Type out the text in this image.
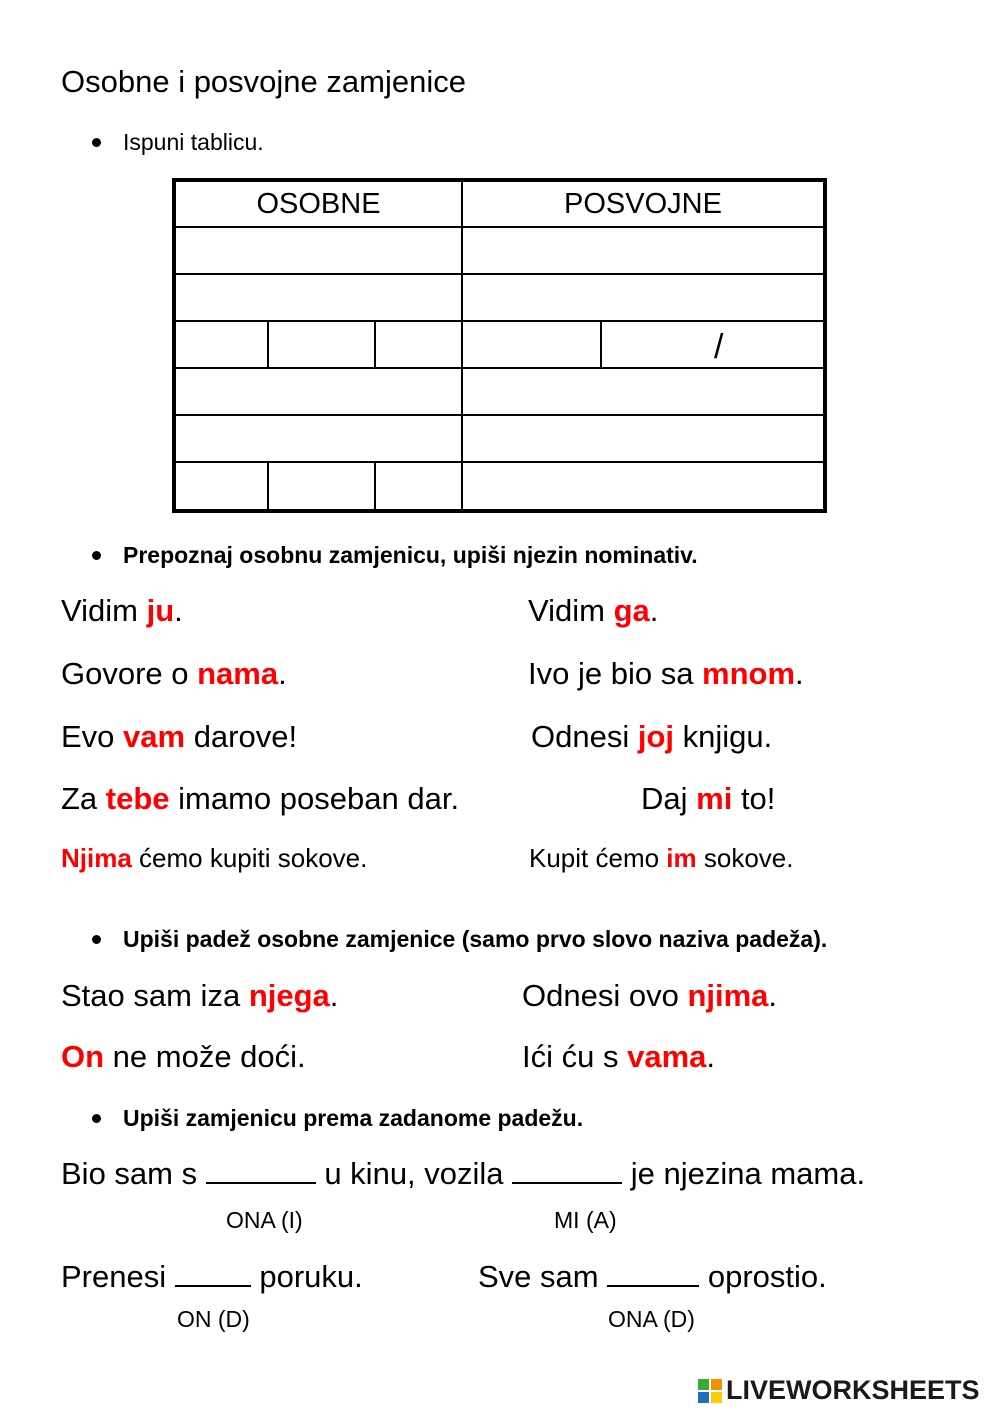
Osobne i posvojne zamjenice
Ispuni tablicu.
OSOBNE	POSVOJNE
/
Prepoznaj osobnu zamjenicu, upiši njezin nominativ.
Vidim ju.
Govore o nama.
Evo vam darove!
Za tebe imamo poseban dar.
Njima ćemo kupiti sokove.
Vidim ga.
Ivo je bio sa mnom.
Odnesi joj knjigu.
Daj mi to!
Kupit ćemo im sokove.
Upiši padež osobne zamjenice (samo prvo slovo naziva padeža).
Stao sam iza njega.
On ne može doći.
Odnesi ovo njima.
Ići ću s vama.
Upiši zamjenicu prema zadanome padežu.
Bio sam s	u kinu, vozila	je njezina mama.
ONA (I)	MI (A)
Prenesi  poruku.	Sve sam	oprostio.
ON (D)	ONA (D)
LIVEWORKSHEETS
